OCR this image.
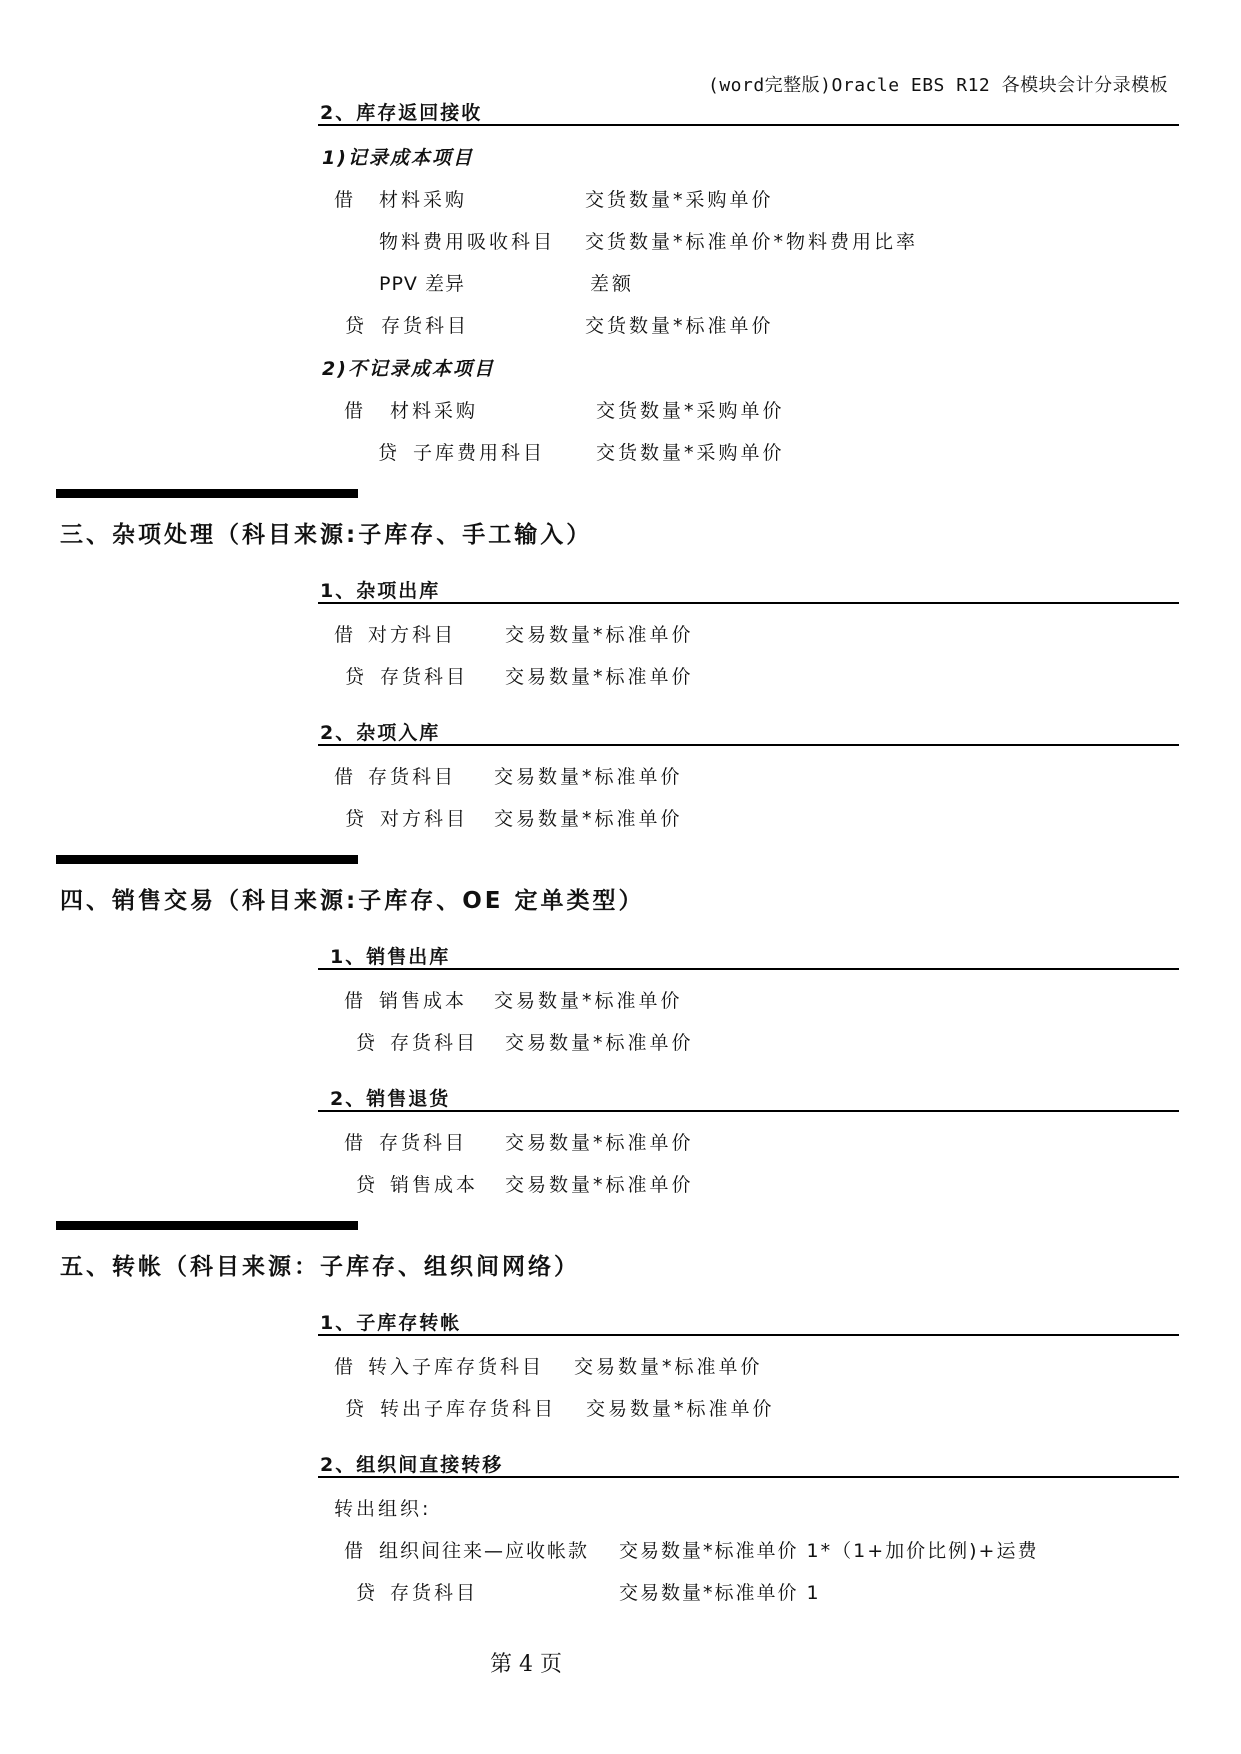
(word完整版)Oracle EBS R12 各模块会计分录模板
2、库存返回接收
1)记录成本项目
借 材料采购	交货数量*采购单价
物料费用吸收科目 交货数量*标准单价*物料费用比率
PPV 差异	差额
贷 存货科目	交货数量*标准单价
2)不记录成本项目
借 材料采购	交货数量*采购单价
贷 子库费用科目	交货数量*采购单价
三、杂项处理（科目来源:子库存、手工输入）
1、杂项出库
借 对方科目	交易数量*标准单价
贷 存货科目 交易数量*标准单价
2、杂项入库
借 存货科目 交易数量*标准单价
贷 对方科目 交易数量*标准单价
四、销售交易（科目来源:子库存、OE 定单类型）
1、销售出库
借 销售成本 交易数量*标准单价
贷 存货科目 交易数量*标准单价
2、销售退货
借 存货科目 交易数量*标准单价
贷 销售成本 交易数量*标准单价
五、转帐（科目来源：子库存、组织间网络）
1、子库存转帐
借 转入子库存货科目 交易数量*标准单价
贷 转出子库存货科目 交易数量*标准单价
2、组织间直接转移
转出组织:
借 组织间往来—应收帐款 交易数量*标准单价 1*（1+加价比例)+运费
贷 存货科目	交易数量*标准单价 1
第 4 页
